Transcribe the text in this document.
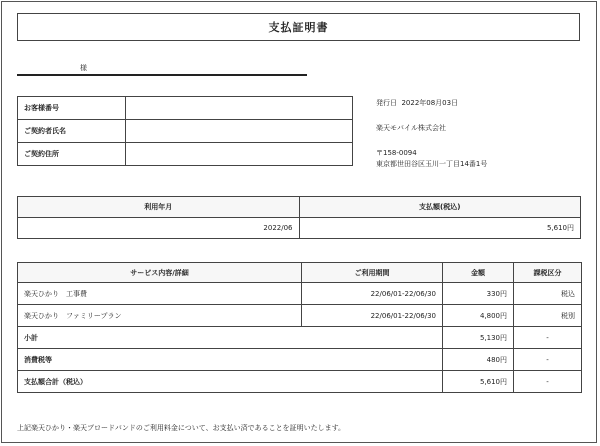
支払証明書
様
お客様番号	
ご契約者氏名	
ご契約住所	
発行日 2022年08月03日
楽天モバイル株式会社
〒158-0094
東京都世田谷区玉川一丁目14番1号
利用年月	支払額(税込)
2022/06	5,610円
サービス内容/詳細	ご利用期間	金額	課税区分
楽天ひかり　工事費	22/06/01-22/06/30	330円	税込
楽天ひかり　ファミリープラン	22/06/01-22/06/30	4,800円	税別
小計		5,130円	-
消費税等		480円	-
支払額合計（税込）		5,610円	-
上記楽天ひかり・楽天ブロードバンドのご利用料金について、お支払い済であることを証明いたします。
